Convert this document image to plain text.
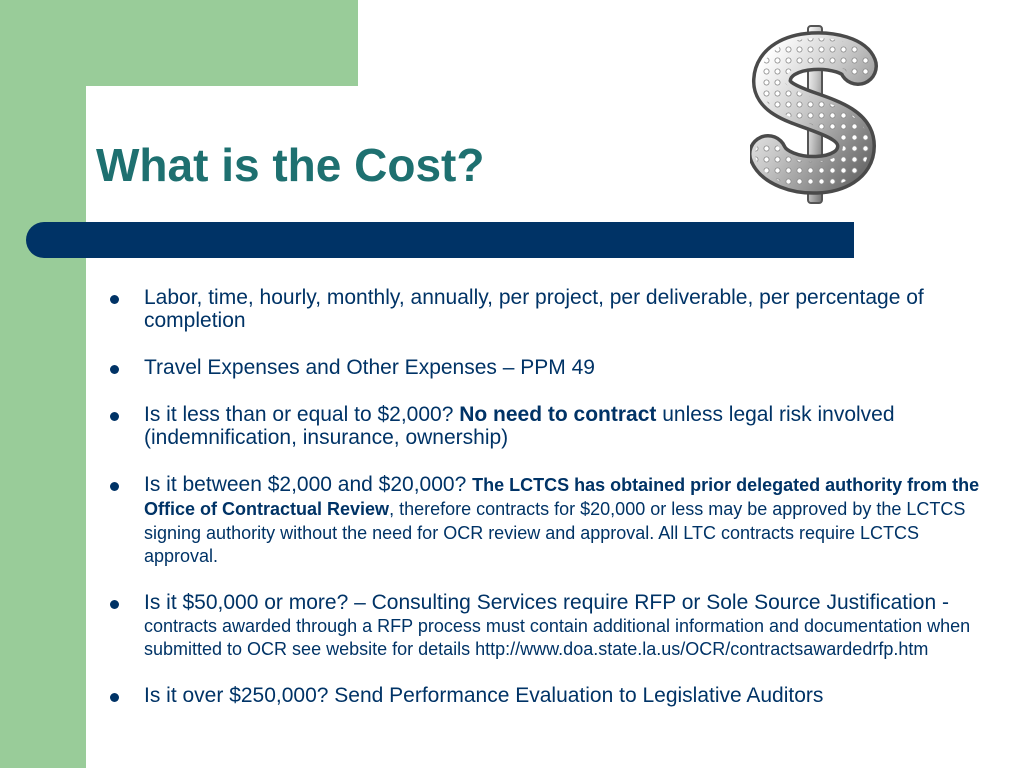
What is the Cost?
Labor, time, hourly, monthly, annually, per project, per deliverable, per percentage of completion
Travel Expenses and Other Expenses – PPM 49
Is it less than or equal to $2,000? No need to contract unless legal risk involved (indemnification, insurance, ownership)
Is it between $2,000 and $20,000? The LCTCS has obtained prior delegated authority from the Office of Contractual Review, therefore contracts for $20,000 or less may be approved by the LCTCS signing authority without the need for OCR review and approval. All LTC contracts require LCTCS approval.
Is it $50,000 or more? – Consulting Services require RFP or Sole Source Justification - contracts awarded through a RFP process must contain additional information and documentation when submitted to OCR see website for details http://www.doa.state.la.us/OCR/contractsawardedrfp.htm
Is it over $250,000? Send Performance Evaluation to Legislative Auditors
